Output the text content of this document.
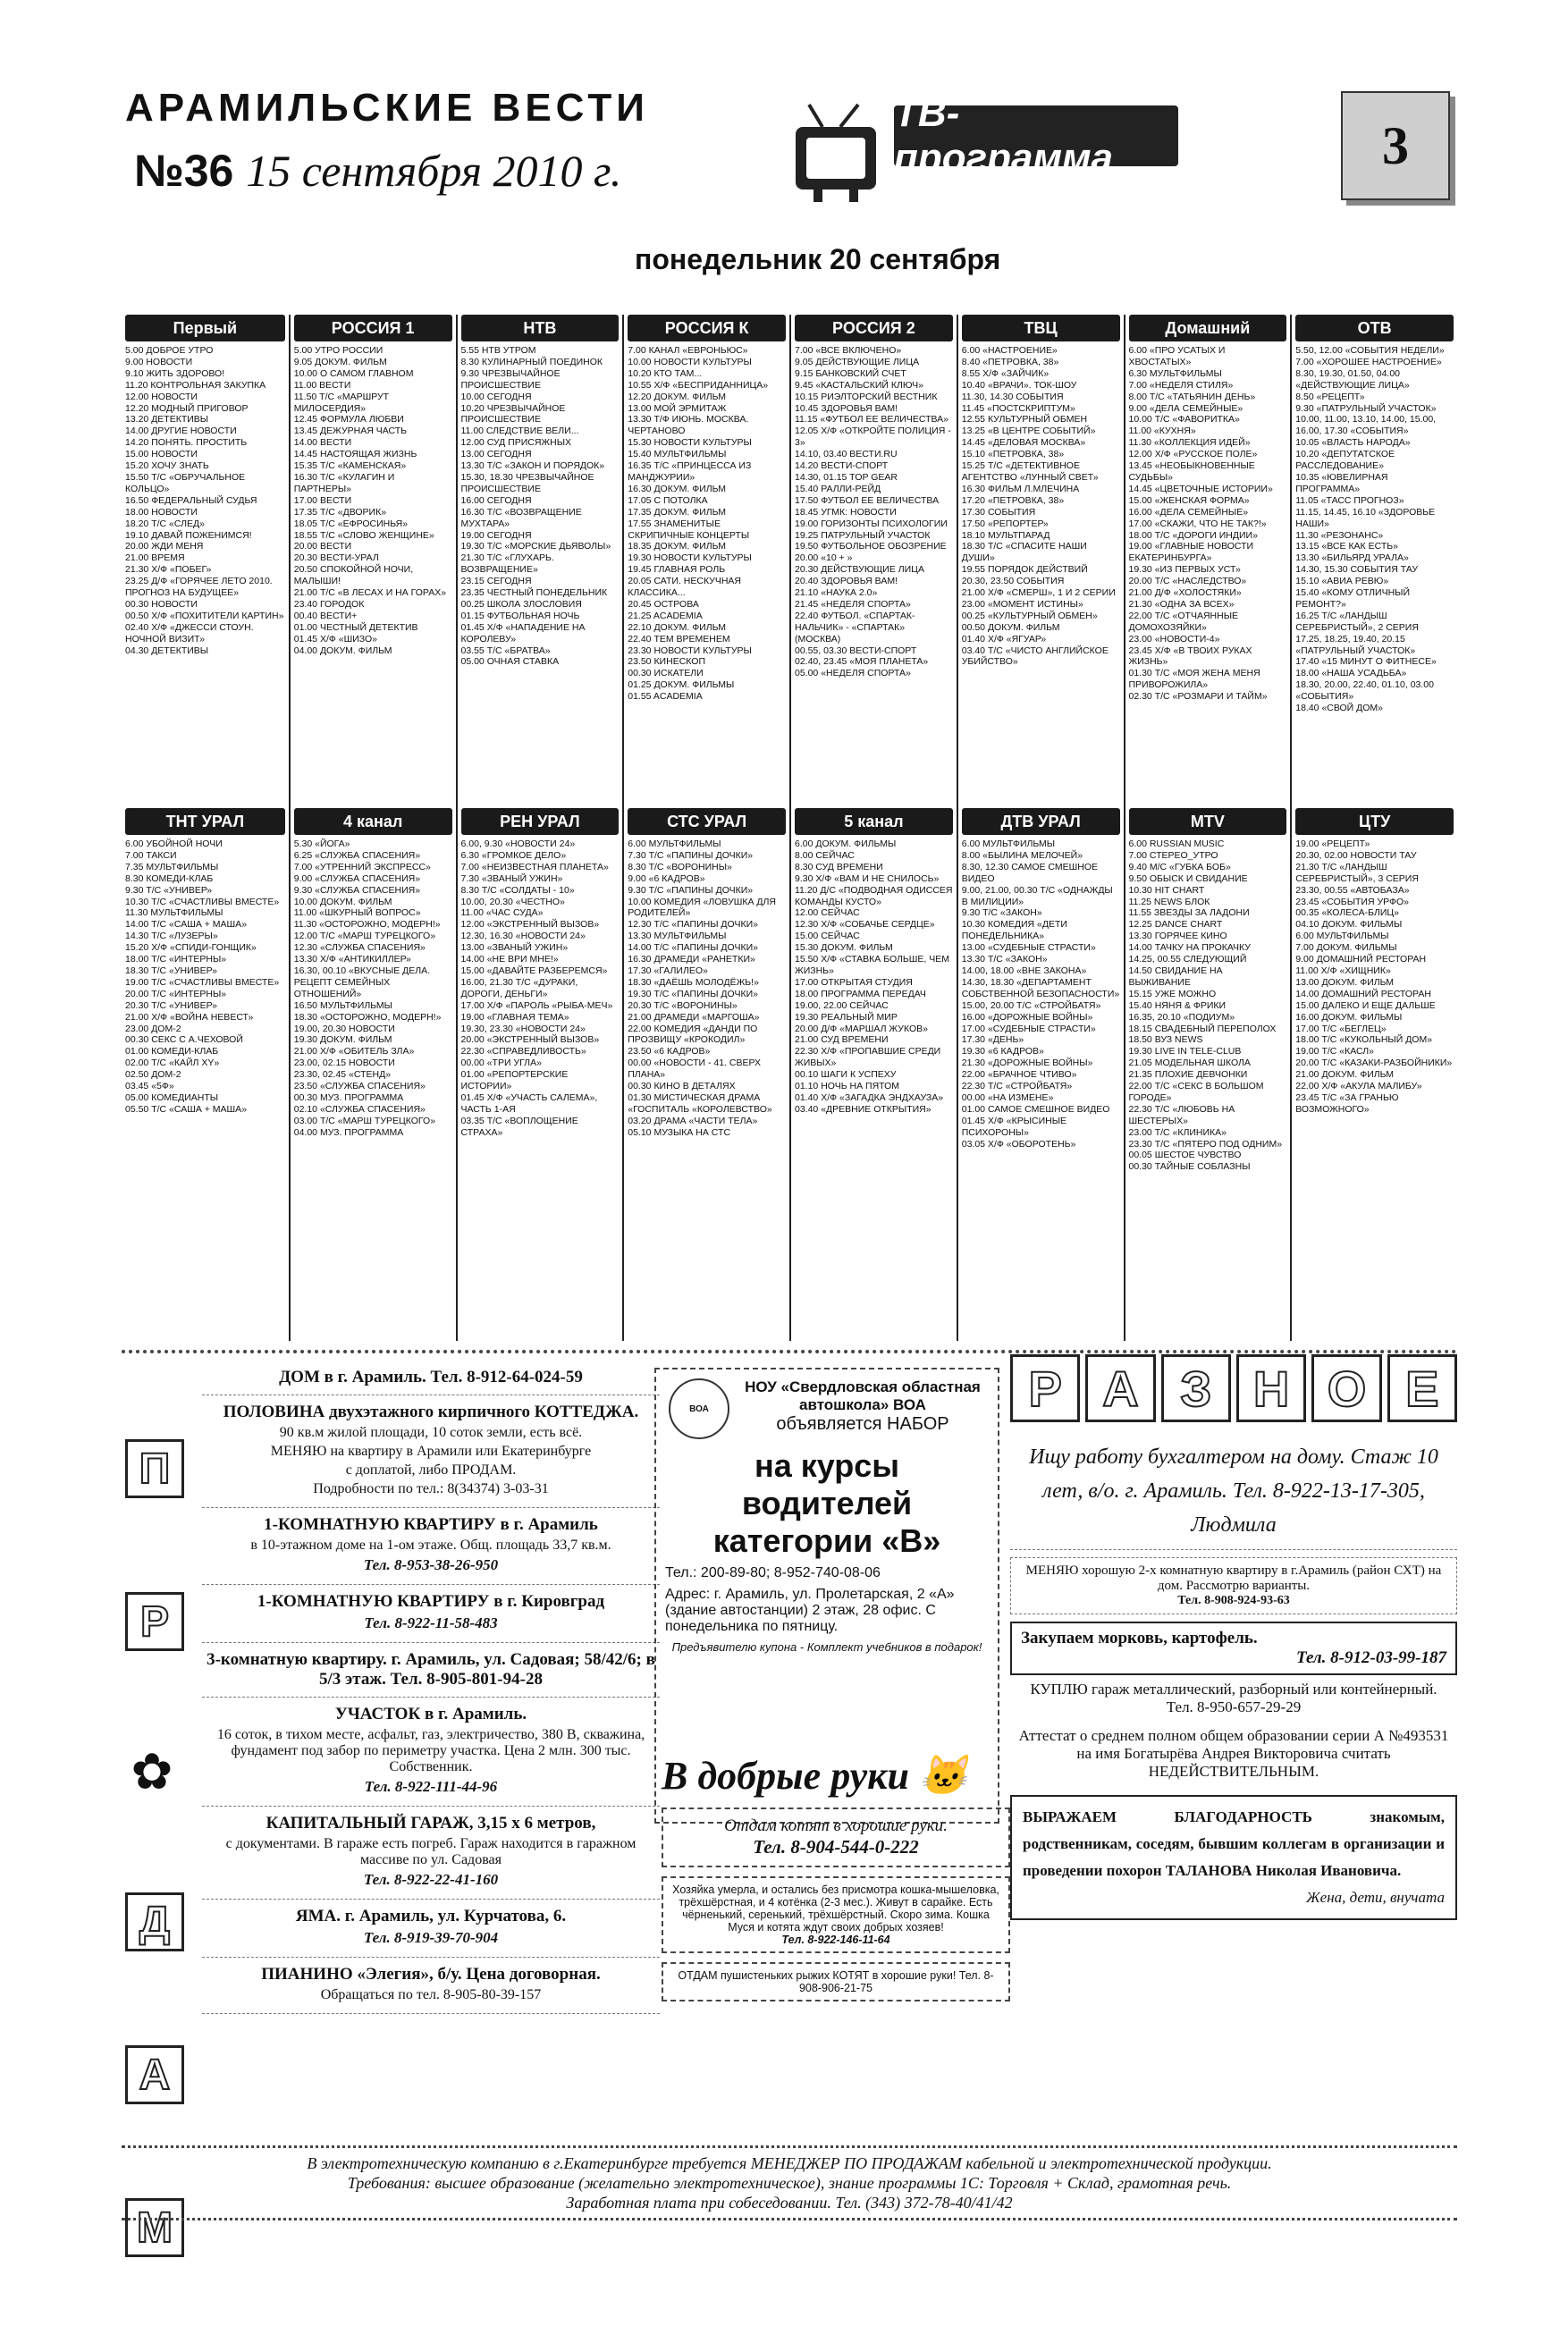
АРАМИЛЬСКИЕ ВЕСТИ
№36 15 сентября 2010 г.
ТВ-программа	3
понедельник 20 сентября
Первый
5.00 ДОБРОЕ УТРО
9.00 НОВОСТИ
9.10 ЖИТЬ ЗДОРОВО!
11.20 КОНТРОЛЬНАЯ ЗАКУПКА
12.00 НОВОСТИ
12.20 МОДНЫЙ ПРИГОВОР
13.20 ДЕТЕКТИВЫ
14.00 ДРУГИЕ НОВОСТИ
14.20 ПОНЯТЬ. ПРОСТИТЬ
15.00 НОВОСТИ
15.20 ХОЧУ ЗНАТЬ
15.50 Т/С «ОБРУЧАЛЬНОЕ КОЛЬЦО»
16.50 ФЕДЕРАЛЬНЫЙ СУДЬЯ
18.00 НОВОСТИ
18.20 Т/С «СЛЕД»
19.10 ДАВАЙ ПОЖЕНИМСЯ!
20.00 ЖДИ МЕНЯ
21.00 ВРЕМЯ
21.30 Х/Ф «ПОБЕГ»
23.25 Д/Ф «ГОРЯЧЕЕ ЛЕТО 2010. ПРОГНОЗ НА БУДУЩЕЕ»
00.30 НОВОСТИ
00.50 Х/Ф «ПОХИТИТЕЛИ КАРТИН»
02.40 Х/Ф «ДЖЕССИ СТОУН. НОЧНОЙ ВИЗИТ»
04.30 ДЕТЕКТИВЫ
РОССИЯ 1
5.00 УТРО РОССИИ
9.05 ДОКУМ. ФИЛЬМ
10.00 О САМОМ ГЛАВНОМ
11.00 ВЕСТИ
11.50 Т/С «МАРШРУТ МИЛОСЕРДИЯ»
12.45 ФОРМУЛА ЛЮБВИ
13.45 ДЕЖУРНАЯ ЧАСТЬ
14.00 ВЕСТИ
14.45 НАСТОЯЩАЯ ЖИЗНЬ
15.35 Т/С «КАМЕНСКАЯ»
16.30 Т/С «КУЛАГИН И ПАРТНЕРЫ»
17.00 ВЕСТИ
17.35 Т/С «ДВОРИК»
18.05 Т/С «ЕФРОСИНЬЯ»
18.55 Т/С «СЛОВО ЖЕНЩИНЕ»
20.00 ВЕСТИ
20.30 ВЕСТИ-УРАЛ
20.50 СПОКОЙНОЙ НОЧИ, МАЛЫШИ!
21.00 Т/С «В ЛЕСАХ И НА ГОРАХ»
23.40 ГОРОДОК
00.40 ВЕСТИ+
01.00 ЧЕСТНЫЙ ДЕТЕКТИВ
01.45 Х/Ф «ШИЗО»
04.00 ДОКУМ. ФИЛЬМ
НТВ
5.55 НТВ УТРОМ
8.30 КУЛИНАРНЫЙ ПОЕДИНОК
9.30 ЧРЕЗВЫЧАЙНОЕ ПРОИСШЕСТВИЕ
10.00 СЕГОДНЯ
10.20 ЧРЕЗВЫЧАЙНОЕ ПРОИСШЕСТВИЕ
11.00 СЛЕДСТВИЕ ВЕЛИ...
12.00 СУД ПРИСЯЖНЫХ
13.00 СЕГОДНЯ
13.30 Т/С «ЗАКОН И ПОРЯДОК»
15.30, 18.30 ЧРЕЗВЫЧАЙНОЕ ПРОИСШЕСТВИЕ
16.00 СЕГОДНЯ
16.30 Т/С «ВОЗВРАЩЕНИЕ МУХТАРА»
19.00 СЕГОДНЯ
19.30 Т/С «МОРСКИЕ ДЬЯВОЛЫ»
21.30 Т/С «ГЛУХАРЬ. ВОЗВРАЩЕНИЕ»
23.15 СЕГОДНЯ
23.35 ЧЕСТНЫЙ ПОНЕДЕЛЬНИК
00.25 ШКОЛА ЗЛОСЛОВИЯ
01.15 ФУТБОЛЬНАЯ НОЧЬ
01.45 Х/Ф «НАПАДЕНИЕ НА КОРОЛЕВУ»
03.55 Т/С «БРАТВА»
05.00 ОЧНАЯ СТАВКА
РОССИЯ К
7.00 КАНАЛ «ЕВРОНЬЮС»
10.00 НОВОСТИ КУЛЬТУРЫ
10.20 КТО ТАМ...
10.55 Х/Ф «БЕСПРИДАННИЦА»
12.20 ДОКУМ. ФИЛЬМ
13.00 МОЙ ЭРМИТАЖ
13.30 Т/Ф ИЮНЬ. МОСКВА. ЧЕРТАНОВО
15.30 НОВОСТИ КУЛЬТУРЫ
15.40 МУЛЬТФИЛЬМЫ
16.35 Т/С «ПРИНЦЕССА ИЗ МАНДЖУРИИ»
16.30 ДОКУМ. ФИЛЬМ
17.05 С ПОТОЛКА
17.35 ДОКУМ. ФИЛЬМ
17.55 ЗНАМЕНИТЫЕ СКРИПИЧНЫЕ КОНЦЕРТЫ
18.35 ДОКУМ. ФИЛЬМ
19.30 НОВОСТИ КУЛЬТУРЫ
19.45 ГЛАВНАЯ РОЛЬ
20.05 САТИ. НЕСКУЧНАЯ КЛАССИКА...
20.45 ОСТРОВА
21.25 ACADEMIA
22.10 ДОКУМ. ФИЛЬМ
22.40 ТЕМ ВРЕМЕНЕМ
23.30 НОВОСТИ КУЛЬТУРЫ
23.50 КИНЕСКОП
00.30 ИСКАТЕЛИ
01.25 ДОКУМ. ФИЛЬМЫ
01.55 ACADEMIA
РОССИЯ 2
7.00 «ВСЕ ВКЛЮЧЕНО»
9.05 ДЕЙСТВУЮЩИЕ ЛИЦА
9.15 БАНКОВСКИЙ СЧЕТ
9.45 «КАСТАЛЬСКИЙ КЛЮЧ»
10.15 РИЭЛТОРСКИЙ ВЕСТНИК
10.45 ЗДОРОВЬЯ ВАМ!
11.15 «ФУТБОЛ ЕЕ ВЕЛИЧЕСТВА»
12.05 Х/Ф «ОТКРОЙТЕ ПОЛИЦИЯ - 3»
14.10, 03.40 ВЕСТИ.RU
14.20 ВЕСТИ-СПОРТ
14.30, 01.15 TOP GEAR
15.40 РАЛЛИ-РЕЙД
17.50 ФУТБОЛ ЕЕ ВЕЛИЧЕСТВА
18.45 УГМК: НОВОСТИ
19.00 ГОРИЗОНТЫ ПСИХОЛОГИИ
19.25 ПАТРУЛЬНЫЙ УЧАСТОК
19.50 ФУТБОЛЬНОЕ ОБОЗРЕНИЕ
20.00 «10 + »
20.30 ДЕЙСТВУЮЩИЕ ЛИЦА
20.40 ЗДОРОВЬЯ ВАМ!
21.10 «НАУКА 2.0»
21.45 «НЕДЕЛЯ СПОРТА»
22.40 ФУТБОЛ. «СПАРТАК-НАЛЬЧИК» - «СПАРТАК» (МОСКВА)
00.55, 03.30 ВЕСТИ-СПОРТ
02.40, 23.45 «МОЯ ПЛАНЕТА»
05.00 «НЕДЕЛЯ СПОРТА»
ТВЦ
6.00 «НАСТРОЕНИЕ»
8.40 «ПЕТРОВКА, 38»
8.55 Х/Ф «ЗАЙЧИК»
10.40 «ВРАЧИ». ТОК-ШОУ
11.30, 14.30 СОБЫТИЯ
11.45 «ПОСТСКРИПТУМ»
12.55 КУЛЬТУРНЫЙ ОБМЕН
13.25 «В ЦЕНТРЕ СОБЫТИЙ»
14.45 «ДЕЛОВАЯ МОСКВА»
15.10 «ПЕТРОВКА, 38»
15.25 Т/С «ДЕТЕКТИВНОЕ АГЕНТСТВО «ЛУННЫЙ СВЕТ»
16.30 ФИЛЬМ Л.МЛЕЧИНА
17.20 «ПЕТРОВКА, 38»
17.30 СОБЫТИЯ
17.50 «РЕПОРТЕР»
18.10 МУЛЬТПАРАД
18.30 Т/С «СПАСИТЕ НАШИ ДУШИ»
19.55 ПОРЯДОК ДЕЙСТВИЙ
20.30, 23.50 СОБЫТИЯ
21.00 Х/Ф «СМЕРШ», 1 И 2 СЕРИИ
23.00 «МОМЕНТ ИСТИНЫ»
00.25 «КУЛЬТУРНЫЙ ОБМЕН»
00.50 ДОКУМ. ФИЛЬМ
01.40 Х/Ф «ЯГУАР»
03.40 Т/С «ЧИСТО АНГЛИЙСКОЕ УБИЙСТВО»
Домашний
6.00 «ПРО УСАТЫХ И ХВОСТАТЫХ»
6.30 МУЛЬТФИЛЬМЫ
7.00 «НЕДЕЛЯ СТИЛЯ»
8.00 Т/С «ТАТЬЯНИН ДЕНЬ»
9.00 «ДЕЛА СЕМЕЙНЫЕ»
10.00 Т/С «ФАВОРИТКА»
11.00 «КУХНЯ»
11.30 «КОЛЛЕКЦИЯ ИДЕЙ»
12.00 Х/Ф «РУССКОЕ ПОЛЕ»
13.45 «НЕОБЫКНОВЕННЫЕ СУДЬБЫ»
14.45 «ЦВЕТОЧНЫЕ ИСТОРИИ»
15.00 «ЖЕНСКАЯ ФОРМА»
16.00 «ДЕЛА СЕМЕЙНЫЕ»
17.00 «СКАЖИ, ЧТО НЕ ТАК?!»
18.00 Т/С «ДОРОГИ ИНДИИ»
19.00 «ГЛАВНЫЕ НОВОСТИ ЕКАТЕРИНБУРГА»
19.30 «ИЗ ПЕРВЫХ УСТ»
20.00 Т/С «НАСЛЕДСТВО»
21.00 Д/Ф «ХОЛОСТЯКИ»
21.30 «ОДНА ЗА ВСЕХ»
22.00 Т/С «ОТЧАЯННЫЕ ДОМОХОЗЯЙКИ»
23.00 «НОВОСТИ-4»
23.45 Х/Ф «В ТВОИХ РУКАХ ЖИЗНЬ»
01.30 Т/С «МОЯ ЖЕНА МЕНЯ ПРИВОРОЖИЛА»
02.30 Т/С «РОЗМАРИ И ТАЙМ»
ОТВ
5.50, 12.00 «СОБЫТИЯ НЕДЕЛИ»
7.00 «ХОРОШЕЕ НАСТРОЕНИЕ»
8.30, 19.30, 01.50, 04.00 «ДЕЙСТВУЮЩИЕ ЛИЦА»
8.50 «РЕЦЕПТ»
9.30 «ПАТРУЛЬНЫЙ УЧАСТОК»
10.00, 11.00, 13.10, 14.00, 15.00, 16.00, 17.30 «СОБЫТИЯ»
10.05 «ВЛАСТЬ НАРОДА»
10.20 «ДЕПУТАТСКОЕ РАССЛЕДОВАНИЕ»
10.35 «ЮВЕЛИРНАЯ ПРОГРАММА»
11.05 «ТАСС ПРОГНОЗ»
11.15, 14.45, 16.10 «ЗДОРОВЬЕ НАШИ»
11.30 «РЕЗОНАНС»
13.15 «ВСЕ КАК ЕСТЬ»
13.30 «БИЛЬЯРД УРАЛА»
14.30, 15.30 СОБЫТИЯ ТАУ
15.10 «АВИА РЕВЮ»
15.40 «КОМУ ОТЛИЧНЫЙ РЕМОНТ?»
16.25 Т/С «ЛАНДЫШ СЕРЕБРИСТЫЙ», 2 СЕРИЯ
17.25, 18.25, 19.40, 20.15 «ПАТРУЛЬНЫЙ УЧАСТОК»
17.40 «15 МИНУТ О ФИТНЕСЕ»
18.00 «НАША УСАДЬБА»
18.30, 20.00, 22.40, 01.10, 03.00 «СОБЫТИЯ»
18.40 «СВОЙ ДОМ»
ТНТ УРАЛ
6.00 УБОЙНОЙ НОЧИ
7.00 ТАКСИ
7.35 МУЛЬТФИЛЬМЫ
8.30 КОМЕДИ-КЛАБ
9.30 Т/С «УНИВЕР»
10.30 Т/С «СЧАСТЛИВЫ ВМЕСТЕ»
11.30 МУЛЬТФИЛЬМЫ
14.00 Т/С «САША + МАША»
14.30 Т/С «ЛУЗЕРЫ»
15.20 Х/Ф «СПИДИ-ГОНЩИК»
18.00 Т/С «ИНТЕРНЫ»
18.30 Т/С «УНИВЕР»
19.00 Т/С «СЧАСТЛИВЫ ВМЕСТЕ»
20.00 Т/С «ИНТЕРНЫ»
20.30 Т/С «УНИВЕР»
21.00 Х/Ф «ВОЙНА НЕВЕСТ»
23.00 ДОМ-2
00.30 СЕКС С А.ЧЕХОВОЙ
01.00 КОМЕДИ-КЛАБ
02.00 Т/С «КАЙЛ XY»
02.50 ДОМ-2
03.45 «5Ф»
05.00 КОМЕДИАНТЫ
05.50 Т/С «САША + МАША»
4 канал
5.30 «ЙОГА»
6.25 «СЛУЖБА СПАСЕНИЯ»
7.00 «УТРЕННИЙ ЭКСПРЕСС»
9.00 «СЛУЖБА СПАСЕНИЯ»
9.30 «СЛУЖБА СПАСЕНИЯ»
10.00 ДОКУМ. ФИЛЬМ
11.00 «ШКУРНЫЙ ВОПРОС»
11.30 «ОСТОРОЖНО, МОДЕРН!»
12.00 Т/С «МАРШ ТУРЕЦКОГО»
12.30 «СЛУЖБА СПАСЕНИЯ»
13.30 Х/Ф «АНТИКИЛЛЕР»
16.30, 00.10 «ВКУСНЫЕ ДЕЛА. РЕЦЕПТ СЕМЕЙНЫХ ОТНОШЕНИЙ»
16.50 МУЛЬТФИЛЬМЫ
18.30 «ОСТОРОЖНО, МОДЕРН!»
19.00, 20.30 НОВОСТИ
19.30 ДОКУМ. ФИЛЬМ
21.00 Х/Ф «ОБИТЕЛЬ ЗЛА»
23.00, 02.15 НОВОСТИ
23.30, 02.45 «СТЕНД»
23.50 «СЛУЖБА СПАСЕНИЯ»
00.30 МУЗ. ПРОГРАММА
02.10 «СЛУЖБА СПАСЕНИЯ»
03.00 Т/С «МАРШ ТУРЕЦКОГО»
04.00 МУЗ. ПРОГРАММА
РЕН УРАЛ
6.00, 9.30 «НОВОСТИ 24»
6.30 «ГРОМКОЕ ДЕЛО»
7.00 «НЕИЗВЕСТНАЯ ПЛАНЕТА»
7.30 «ЗВАНЫЙ УЖИН»
8.30 Т/С «СОЛДАТЫ - 10»
10.00, 20.30 «ЧЕСТНО»
11.00 «ЧАС СУДА»
12.00 «ЭКСТРЕННЫЙ ВЫЗОВ»
12.30, 16.30 «НОВОСТИ 24»
13.00 «ЗВАНЫЙ УЖИН»
14.00 «НЕ ВРИ МНЕ!»
15.00 «ДАВАЙТЕ РАЗБЕРЕМСЯ»
16.00, 21.30 Т/С «ДУРАКИ, ДОРОГИ, ДЕНЬГИ»
17.00 Х/Ф «ПАРОЛЬ «РЫБА-МЕЧ»
19.00 «ГЛАВНАЯ ТЕМА»
19.30, 23.30 «НОВОСТИ 24»
20.00 «ЭКСТРЕННЫЙ ВЫЗОВ»
22.30 «СПРАВЕДЛИВОСТЬ»
00.00 «ТРИ УГЛА»
01.00 «РЕПОРТЕРСКИЕ ИСТОРИИ»
01.45 Х/Ф «УЧАСТЬ САЛЕМА», ЧАСТЬ 1-АЯ
03.35 Т/С «ВОПЛОЩЕНИЕ СТРАХА»
СТС УРАЛ
6.00 МУЛЬТФИЛЬМЫ
7.30 Т/С «ПАПИНЫ ДОЧКИ»
8.30 Т/С «ВОРОНИНЫ»
9.00 «6 КАДРОВ»
9.30 Т/С «ПАПИНЫ ДОЧКИ»
10.00 КОМЕДИЯ «ЛОВУШКА ДЛЯ РОДИТЕЛЕЙ»
12.30 Т/С «ПАПИНЫ ДОЧКИ»
13.30 МУЛЬТФИЛЬМЫ
14.00 Т/С «ПАПИНЫ ДОЧКИ»
16.30 ДРАМЕДИ «РАНЕТКИ»
17.30 «ГАЛИЛЕО»
18.30 «ДАЁШЬ МОЛОДЁЖЬ!»
19.30 Т/С «ПАПИНЫ ДОЧКИ»
20.30 Т/С «ВОРОНИНЫ»
21.00 ДРАМЕДИ «МАРГОША»
22.00 КОМЕДИЯ «ДАНДИ ПО ПРОЗВИЩУ «КРОКОДИЛ»
23.50 «6 КАДРОВ»
00.00 «НОВОСТИ - 41. СВЕРХ ПЛАНА»
00.30 КИНО В ДЕТАЛЯХ
01.30 МИСТИЧЕСКАЯ ДРАМА «ГОСПИТАЛЬ «КОРОЛЕВСТВО»
03.20 ДРАМА «ЧАСТИ ТЕЛА»
05.10 МУЗЫКА НА СТС
5 канал
6.00 ДОКУМ. ФИЛЬМЫ
8.00 СЕЙЧАС
8.30 СУД ВРЕМЕНИ
9.30 Х/Ф «ВАМ И НЕ СНИЛОСЬ»
11.20 Д/С «ПОДВОДНАЯ ОДИССЕЯ КОМАНДЫ КУСТО»
12.00 СЕЙЧАС
12.30 Х/Ф «СОБАЧЬЕ СЕРДЦЕ»
15.00 СЕЙЧАС
15.30 ДОКУМ. ФИЛЬМ
15.50 Х/Ф «СТАВКА БОЛЬШЕ, ЧЕМ ЖИЗНЬ»
17.00 ОТКРЫТАЯ СТУДИЯ
18.00 ПРОГРАММА ПЕРЕДАЧ
19.00, 22.00 СЕЙЧАС
19.30 РЕАЛЬНЫЙ МИР
20.00 Д/Ф «МАРШАЛ ЖУКОВ»
21.00 СУД ВРЕМЕНИ
22.30 Х/Ф «ПРОПАВШИЕ СРЕДИ ЖИВЫХ»
00.10 ШАГИ К УСПЕХУ
01.10 НОЧЬ НА ПЯТОМ
01.40 Х/Ф «ЗАГАДКА ЭНДХАУЗА»
03.40 «ДРЕВНИЕ ОТКРЫТИЯ»
ДТВ УРАЛ
6.00 МУЛЬТФИЛЬМЫ
8.00 «БЫЛИНА МЕЛОЧЕЙ»
8.30, 12.30 САМОЕ СМЕШНОЕ ВИДЕО
9.00, 21.00, 00.30 Т/С «ОДНАЖДЫ В МИЛИЦИИ»
9.30 Т/С «ЗАКОН»
10.30 КОМЕДИЯ «ДЕТИ ПОНЕДЕЛЬНИКА»
13.00 «СУДЕБНЫЕ СТРАСТИ»
13.30 Т/С «ЗАКОН»
14.00, 18.00 «ВНЕ ЗАКОНА»
14.30, 18.30 «ДЕПАРТАМЕНТ СОБСТВЕННОЙ БЕЗОПАСНОСТИ»
15.00, 20.00 Т/С «СТРОЙБАТЯ»
16.00 «ДОРОЖНЫЕ ВОЙНЫ»
17.00 «СУДЕБНЫЕ СТРАСТИ»
17.30 «ДЕНЬ»
19.30 «6 КАДРОВ»
21.30 «ДОРОЖНЫЕ ВОЙНЫ»
22.00 «БРАЧНОЕ ЧТИВО»
22.30 Т/С «СТРОЙБАТЯ»
00.00 «НА ИЗМЕНЕ»
01.00 САМОЕ СМЕШНОЕ ВИДЕО
01.45 Х/Ф «КРЫСИНЫЕ ПСИХОРОНЫ»
03.05 Х/Ф «ОБОРОТЕНЬ»
MTV
6.00 RUSSIAN MUSIC
7.00 СТЕРЕО_УТРО
9.40 М/С «ГУБКА БОБ»
9.50 ОБЫСК И СВИДАНИЕ
10.30 HIT CHART
11.25 NEWS БЛОК
11.55 ЗВЕЗДЫ ЗА ЛАДОНИ
12.25 DANCE CHART
13.30 ГОРЯЧЕЕ КИНО
14.00 ТАЧКУ НА ПРОКАЧКУ
14.25, 00.55 СЛЕДУЮЩИЙ
14.50 СВИДАНИЕ НА ВЫЖИВАНИЕ
15.15 УЖЕ МОЖНО
15.40 НЯНЯ & ФРИКИ
16.35, 20.10 «ПОДИУМ»
18.15 СВАДЕБНЫЙ ПЕРЕПОЛОХ
18.50 ВУЗ NEWS
19.30 LIVE IN TELE-CLUB
21.05 МОДЕЛЬНАЯ ШКОЛА
21.35 ПЛОХИЕ ДЕВЧОНКИ
22.00 Т/С «СЕКС В БОЛЬШОМ ГОРОДЕ»
22.30 Т/С «ЛЮБОВЬ НА ШЕСТЕРЫХ»
23.00 Т/С «КЛИНИКА»
23.30 Т/С «ПЯТЕРО ПОД ОДНИМ»
00.05 ШЕСТОЕ ЧУВСТВО
00.30 ТАЙНЫЕ СОБЛАЗНЫ
ЦТУ
19.00 «РЕЦЕПТ»
20.30, 02.00 НОВОСТИ ТАУ
21.30 Т/С «ЛАНДЫШ СЕРЕБРИСТЫЙ», 3 СЕРИЯ
23.30, 00.55 «АВТОБАЗА»
23.45 «СОБЫТИЯ УРФО»
00.35 «КОЛЕСА-БЛИЦ»
04.10 ДОКУМ. ФИЛЬМЫ
6.00 МУЛЬТФИЛЬМЫ
7.00 ДОКУМ. ФИЛЬМЫ
9.00 ДОМАШНИЙ РЕСТОРАН
11.00 Х/Ф «ХИЩНИК»
13.00 ДОКУМ. ФИЛЬМ
14.00 ДОМАШНИЙ РЕСТОРАН
15.00 ДАЛЕКО И ЕЩЕ ДАЛЬШЕ
16.00 ДОКУМ. ФИЛЬМЫ
17.00 Т/С «БЕГЛЕЦ»
18.00 Т/С «КУКОЛЬНЫЙ ДОМ»
19.00 Т/С «КАСЛ»
20.00 Т/С «КАЗАКИ-РАЗБОЙНИКИ»
21.00 ДОКУМ. ФИЛЬМ
22.00 Х/Ф «АКУЛА МАЛИБУ»
23.45 Т/С «ЗА ГРАНЬЮ ВОЗМОЖНОГО»
П
Р
✿
Д
А
М
ДОМ в г. Арамиль. Тел. 8-912-64-024-59
ПОЛОВИНА двухэтажного кирпичного КОТТЕДЖА.

90 кв.м жилой площади, 10 соток земли, есть всё.

МЕНЯЮ на квартиру в Арамили или Екатеринбурге

с доплатой, либо ПРОДАМ.

Подробности по тел.: 8(34374) 3-03-31

1-КОМНАТНУЮ КВАРТИРУ в г. Арамиль

в 10-этажном доме на 1-ом этаже. Общ. площадь 33,7 кв.м.

Тел. 8-953-38-26-950

1-КОМНАТНУЮ КВАРТИРУ в г. Кировград

Тел. 8-922-11-58-483

3-комнатную квартиру. г. Арамиль, ул. Садовая; 58/42/6; в 5/3 этаж. Тел. 8-905-801-94-28
УЧАСТОК в г. Арамиль.

16 соток, в тихом месте, асфальт, газ, электричество, 380 В, скважина, фундамент под забор по периметру участка. Цена 2 млн. 300 тыс. Собственник.

Тел. 8-922-111-44-96

КАПИТАЛЬНЫЙ ГАРАЖ, 3,15 х 6 метров,

с документами. В гараже есть погреб. Гараж находится в гаражном массиве по ул. Садовая

Тел. 8-922-22-41-160

ЯМА. г. Арамиль, ул. Курчатова, 6.

Тел. 8-919-39-70-904

ПИАНИНО «Элегия», б/у. Цена договорная.

Обращаться по тел. 8-905-80-39-157

ВОА
НОУ «Свердловская областная автошкола» ВОА
объявляется НАБОР
на курсы водителей категории «В»

Тел.: 200-89-80; 8-952-740-08-06

Адрес: г. Арамиль, ул. Пролетарская, 2 «А» (здание автостанции) 2 этаж, 28 офис. С понедельника по пятницу.

Предъявителю купона - Комплект учебников в подарок!
В добрые руки 🐱
Отдам котят в хорошие руки.
Тел. 8-904-544-0-222
Хозяйка умерла, и остались без присмотра кошка-мышеловка, трёхшёрстная, и 4 котёнка (2-3 мес.). Живут в сарайке. Есть чёрненький, серенький, трёхшёрстный. Скоро зима. Кошка Муся и котята ждут своих добрых хозяев!
Тел. 8-922-146-11-64
ОТДАМ пушистеньких рыжих КОТЯТ в хорошие руки! Тел. 8-908-906-21-75
Р А З Н О Е
Ищу работу бухгалтером на дому. Стаж 10 лет, в/о. г. Арамиль. Тел. 8-922-13-17-305, Людмила
МЕНЯЮ хорошую 2-х комнатную квартиру в г.Арамиль (район СХТ) на дом. Рассмотрю варианты.
Тел. 8-908-924-93-63
Закупаем морковь, картофель.
Тел. 8-912-03-99-187
КУПЛЮ гараж металлический, разборный или контейнерный. Тел. 8-950-657-29-29
Аттестат о среднем полном общем образовании серии А №493531 на имя Богатырёва Андрея Викторовича считать НЕДЕЙСТВИТЕЛЬНЫМ.
ВЫРАЖАЕМ БЛАГОДАРНОСТЬ знакомым, родственникам, соседям, бывшим коллегам в организации и проведении похорон ТАЛАНОВА Николая Ивановича.
Жена, дети, внучата
В электротехническую компанию в г.Екатеринбурге требуется МЕНЕДЖЕР ПО ПРОДАЖАМ кабельной и электротехнической продукции.
Требования: высшее образование (желательно электротехническое), знание программы 1С: Торговля + Склад, грамотная речь.
Заработная плата при собеседовании. Тел. (343) 372-78-40/41/42
